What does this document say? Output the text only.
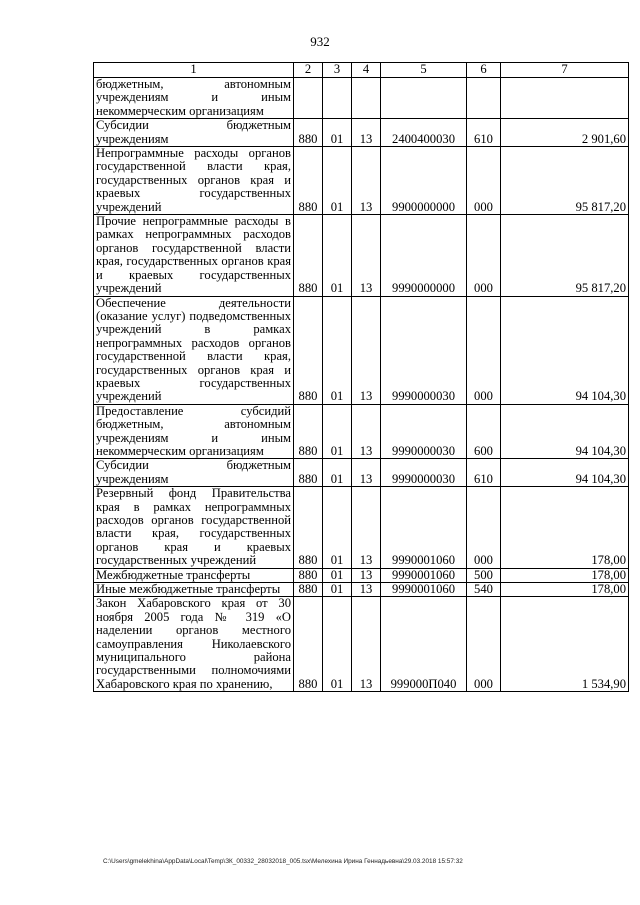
932
1	2	3	4	5	6	7
бюджетным, автономным учреждениям и иным некоммерческим организациям						
Субсидии бюджетным учреждениям	880	01	13	2400400030	610	2 901,60
Непрограммные расходы органов государственной власти края, государственных органов края и краевых государственных учреждений	880	01	13	9900000000	000	95 817,20
Прочие непрограммные расходы в рамках непрограммных расходов органов государственной власти края, государственных органов края и краевых государственных учреждений	880	01	13	9990000000	000	95 817,20
Обеспечение деятельности (оказание услуг) подведомственных учреждений в рамках непрограммных расходов органов государственной власти края, государственных органов края и краевых государственных учреждений	880	01	13	9990000030	000	94 104,30
Предоставление субсидий бюджетным, автономным учреждениям и иным некоммерческим организациям	880	01	13	9990000030	600	94 104,30
Субсидии бюджетным учреждениям	880	01	13	9990000030	610	94 104,30
Резервный фонд Правительства края в рамках непрограммных расходов органов государственной власти края, государственных органов края и краевых государственных учреждений	880	01	13	9990001060	000	178,00
Межбюджетные трансферты	880	01	13	9990001060	500	178,00
Иные межбюджетные трансферты	880	01	13	9990001060	540	178,00
Закон Хабаровского края от 30 ноября 2005 года № 319 «О наделении органов местного самоуправления Николаевского муниципального района государственными полномочиями Хабаровского края по хранению,	880	01	13	999000П040	000	1 534,90
C:\Users\gmelekhina\AppData\Local\Temp\ЗК_00332_28032018_005.tsx\Мелехина Ирина Геннадьевна\29.03.2018 15:57:32
